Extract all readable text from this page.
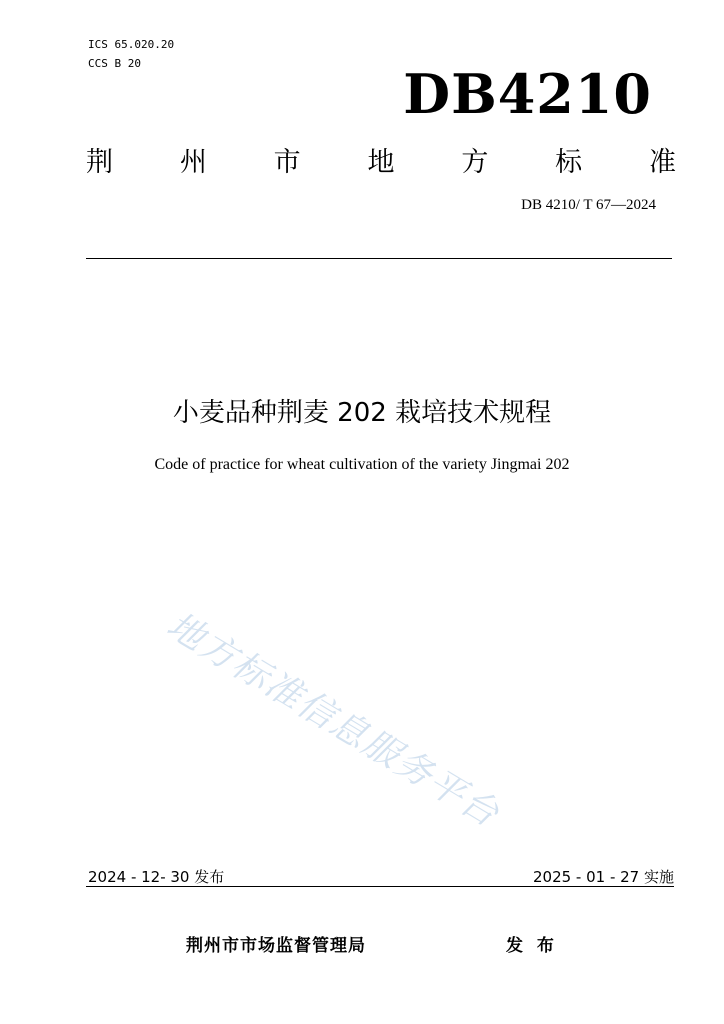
ICS 65.020.20
CCS B 20	DB4210
荆 州 市 地 方 标 准
DB 4210/ T 67—2024
小麦品种荆麦 202 栽培技术规程
Code of practice for wheat cultivation of the variety Jingmai 202
地方标准信息服务平台
2024 - 12- 30 发布	2025 - 01 - 27 实施
荆州市市场监督管理局	发 布
